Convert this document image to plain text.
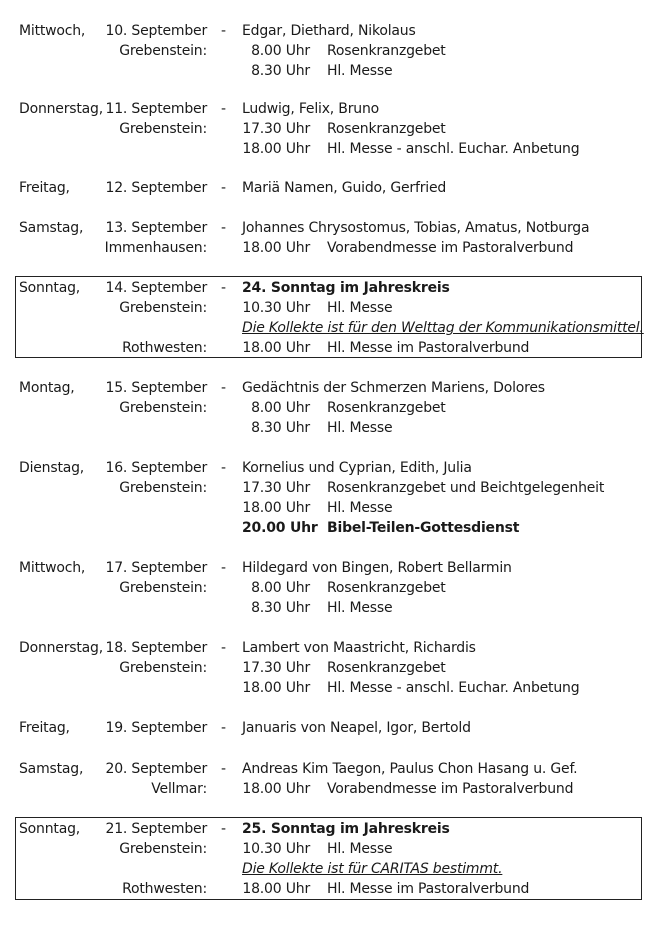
Mittwoch,	10. September - Edgar, Diethard, Nikolaus
Grebenstein:	8.00 Uhr Rosenkranzgebet
8.30 Uhr Hl. Messe
Donnerstag, 11. September - Ludwig, Felix, Bruno
Grebenstein:	17.30 Uhr Rosenkranzgebet
18.00 Uhr Hl. Messe - anschl. Euchar. Anbetung
Freitag,	12. September - Mariä Namen, Guido, Gerfried
Samstag,	13. September - Johannes Chrysostomus, Tobias, Amatus, Notburga
Immenhausen:	18.00 Uhr Vorabendmesse im Pastoralverbund
Sonntag,	14. September - 24. Sonntag im Jahreskreis
Grebenstein:	10.30 Uhr Hl. Messe
Die Kollekte ist für den Welttag der Kommunikationsmittel.
Rothwesten:	18.00 Uhr Hl. Messe im Pastoralverbund
Montag,	15. September - Gedächtnis der Schmerzen Mariens, Dolores
Grebenstein:	8.00 Uhr Rosenkranzgebet
8.30 Uhr Hl. Messe
Dienstag,	16. September - Kornelius und Cyprian, Edith, Julia
Grebenstein:	17.30 Uhr Rosenkranzgebet und Beichtgelegenheit
18.00 Uhr Hl. Messe
20.00 Uhr Bibel-Teilen-Gottesdienst
Mittwoch,	17. September - Hildegard von Bingen, Robert Bellarmin
Grebenstein:	8.00 Uhr Rosenkranzgebet
8.30 Uhr Hl. Messe
Donnerstag, 18. September - Lambert von Maastricht, Richardis
Grebenstein:	17.30 Uhr Rosenkranzgebet
18.00 Uhr Hl. Messe - anschl. Euchar. Anbetung
Freitag,	19. September - Januaris von Neapel, Igor, Bertold
Samstag,	20. September - Andreas Kim Taegon, Paulus Chon Hasang u. Gef.
Vellmar:	18.00 Uhr Vorabendmesse im Pastoralverbund
Sonntag,	21. September - 25. Sonntag im Jahreskreis
Grebenstein:	10.30 Uhr Hl. Messe
Die Kollekte ist für CARITAS bestimmt.
Rothwesten:	18.00 Uhr Hl. Messe im Pastoralverbund
